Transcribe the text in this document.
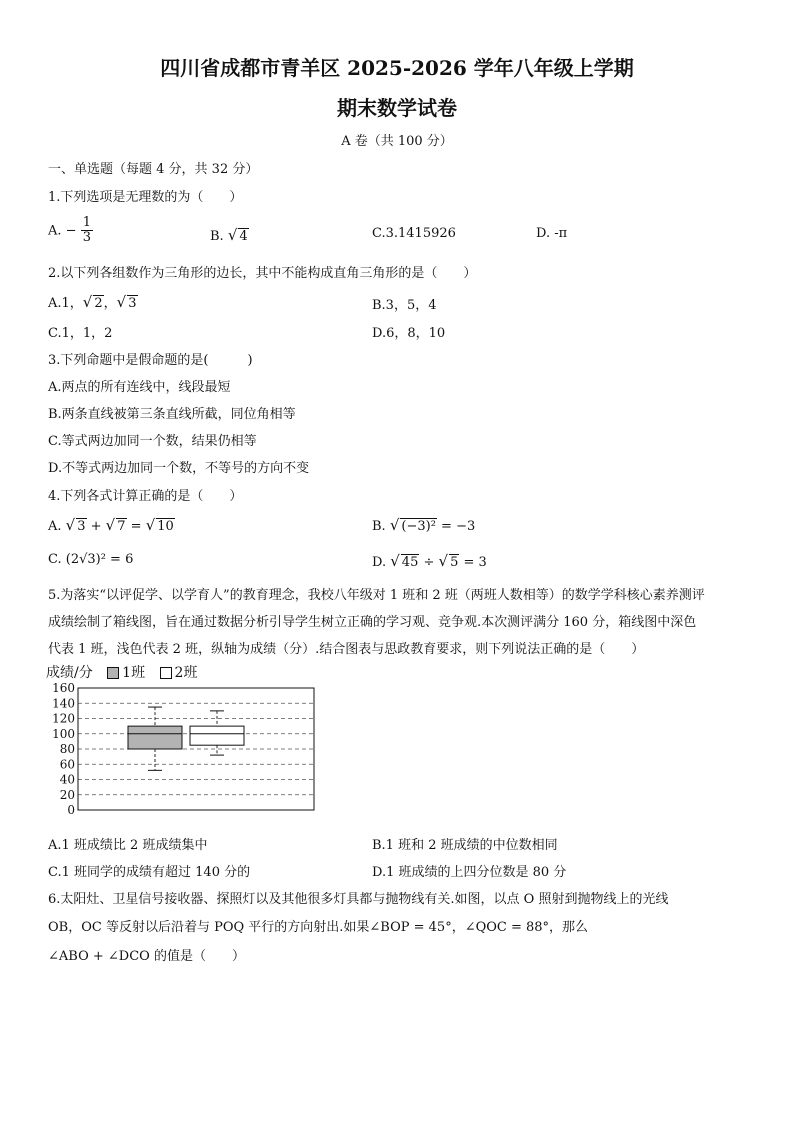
四川省成都市青羊区 2025-2026 学年八年级上学期
期末数学试卷
A 卷（共 100 分）
一、单选题（每题 4 分，共 32 分）
1.下列选项是无理数的为（　　）
A. − $\frac{1}{3}$	B. √ 4	C.3.1415926	D. -π
2.以下列各组数作为三角形的边长，其中不能构成直角三角形的是（　　）
A.1，√ 2，√ 3	B.3，5，4
C.1，1，2	D.6，8，10
3.下列命题中是假命题的是(　　　)
A.两点的所有连线中，线段最短
B.两条直线被第三条直线所截，同位角相等
C.等式两边加同一个数，结果仍相等
D.不等式两边加同一个数，不等号的方向不变
4.下列各式计算正确的是（　　）
A. √ 3 + √ 7 = √ 10	B. √ (−3)² = −3
C. (2√3)² = 6	D. √ 45 ÷ √ 5 = 3
5.为落实“以评促学、以学育人”的教育理念，我校八年级对 1 班和 2 班（两班人数相等）的数学学科核心素养测评
成绩绘制了箱线图，旨在通过数据分析引导学生树立正确的学习观、竞争观.本次测评满分 160 分，箱线图中深色
代表 1 班，浅色代表 2 班，纵轴为成绩（分）.结合图表与思政教育要求，则下列说法正确的是（　　）
成绩/分 1班 2班
0
20
40
60
80
100
120
140
160
A.1 班成绩比 2 班成绩集中	B.1 班和 2 班成绩的中位数相同
C.1 班同学的成绩有超过 140 分的	D.1 班成绩的上四分位数是 80 分
6.太阳灶、卫星信号接收器、探照灯以及其他很多灯具都与抛物线有关.如图，以点 O 照射到抛物线上的光线
OB，OC 等反射以后沿着与 POQ 平行的方向射出.如果∠BOP = 45°，∠QOC = 88°，那么
∠ABO + ∠DCO 的值是（　　）
